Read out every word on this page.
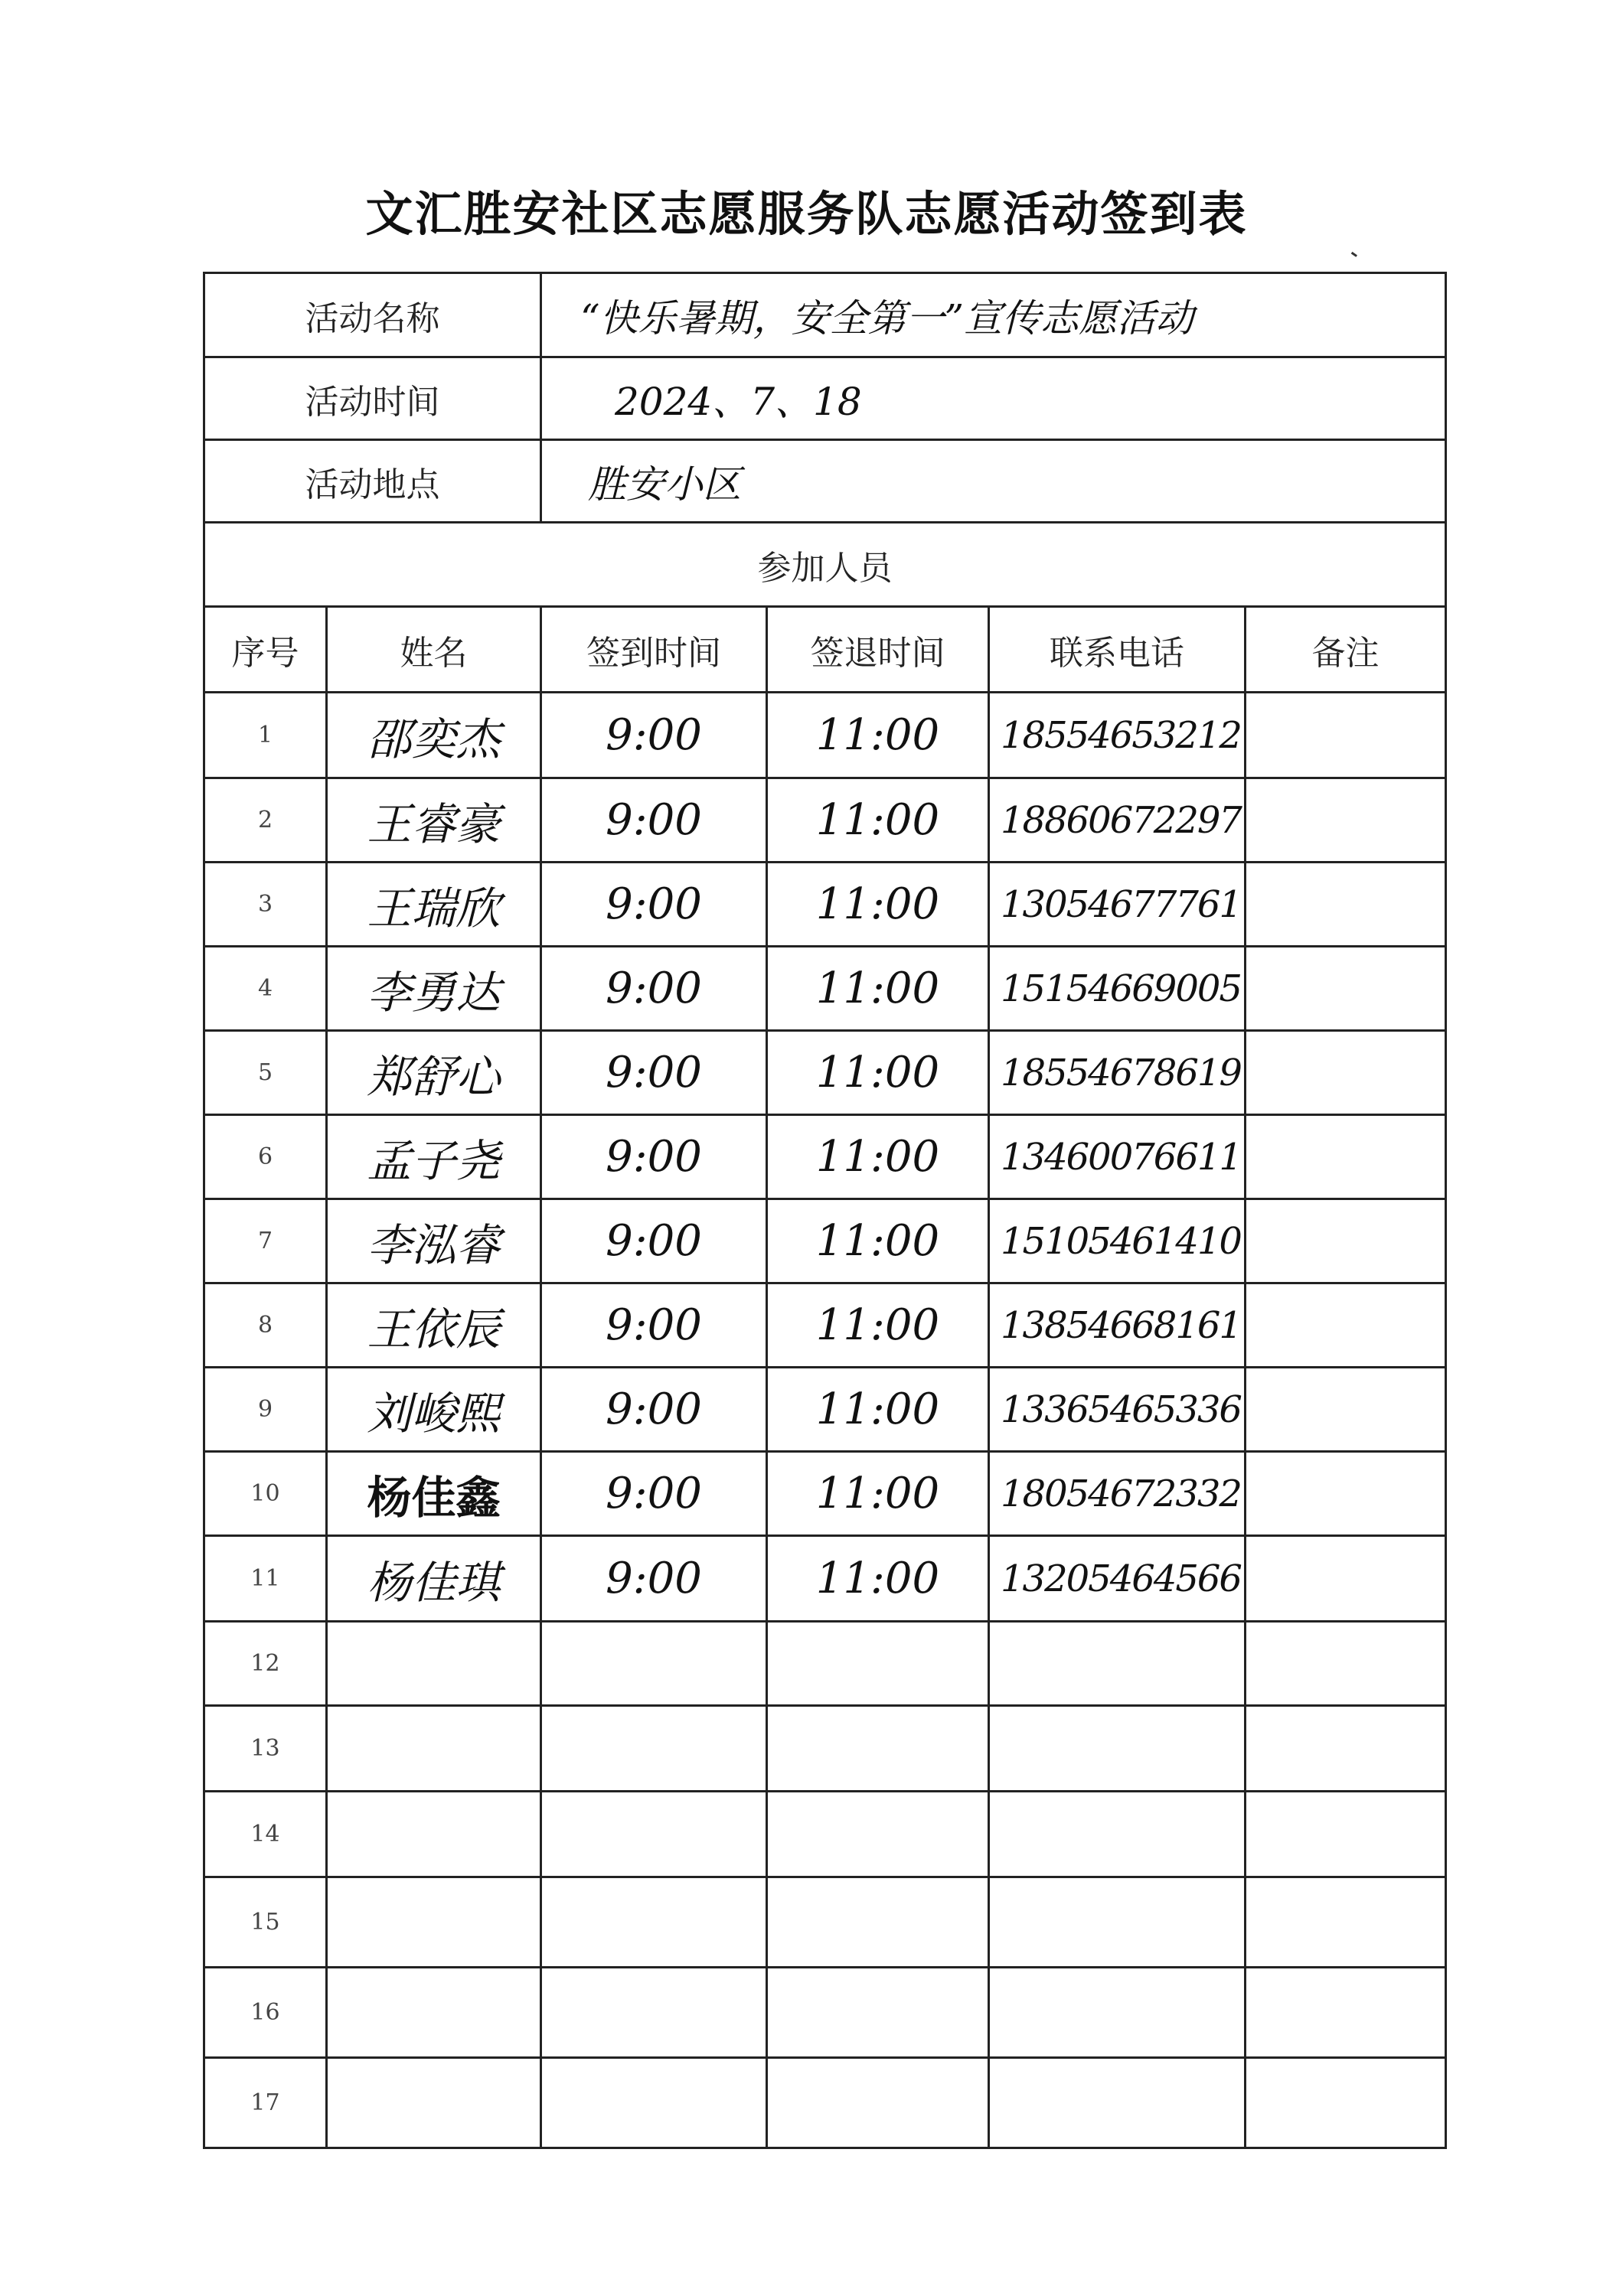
文汇胜安社区志愿服务队志愿活动签到表
活动名称		“快乐暑期，安全第一”宣传志愿活动			
活动时间		2024、7、18			
活动地点		胜安小区			
参加人员					
序号	姓名	签到时间	签退时间	联系电话	备注
1	邵奕杰	9:00	11:00	18554653212	
2	王睿豪	9:00	11:00	18860672297	
3	王瑞欣	9:00	11:00	13054677761	
4	李勇达	9:00	11:00	15154669005	
5	郑舒心	9:00	11:00	18554678619	
6	孟子尧	9:00	11:00	13460076611	
7	李泓睿	9:00	11:00	15105461410	
8	王依辰	9:00	11:00	13854668161	
9	刘峻熙	9:00	11:00	13365465336	
10	杨佳鑫	9:00	11:00	18054672332	
11	杨佳琪	9:00	11:00	13205464566	
12					
13					
14					
15					
16					
17					
